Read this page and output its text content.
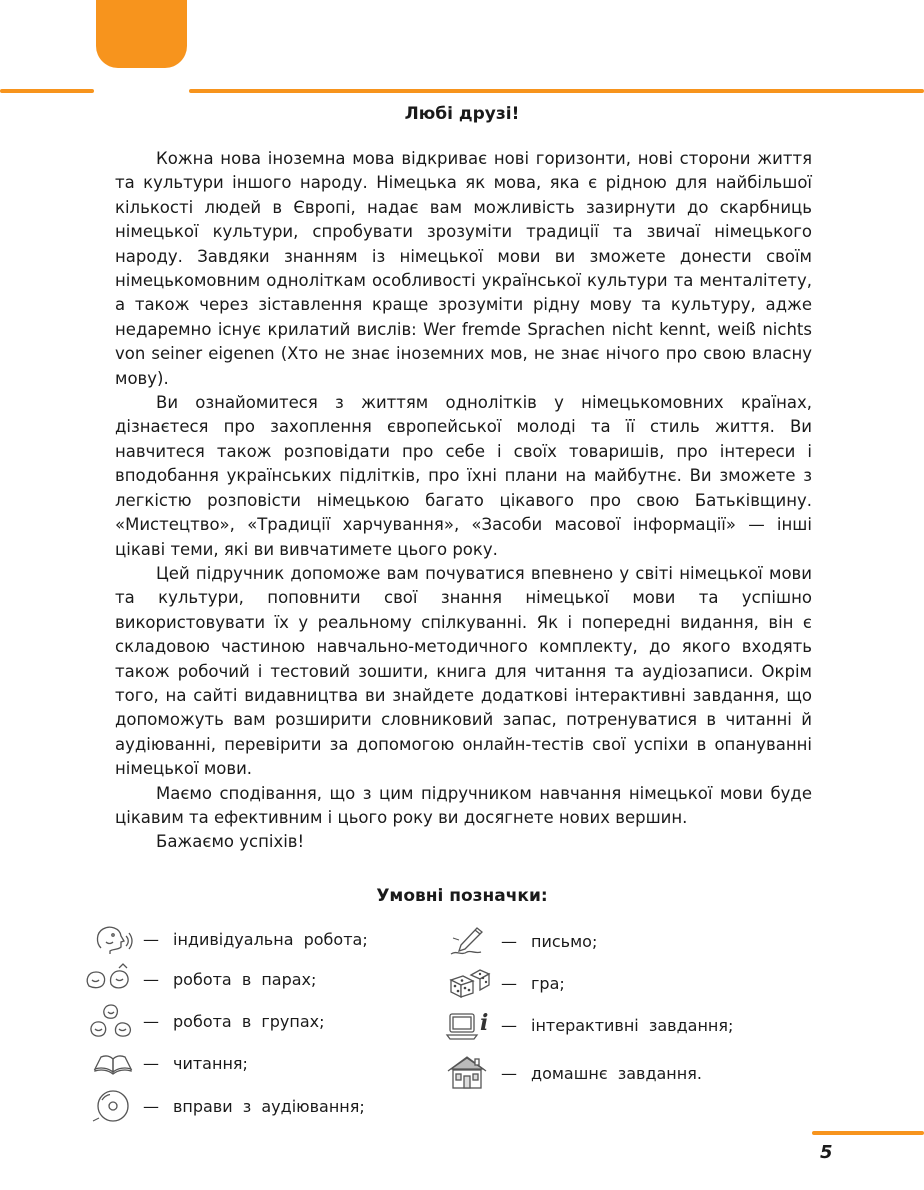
Любі друзі!

Кожна нова іноземна мова відкриває нові горизонти, нові сторони життя та культури іншого народу. Німецька як мова, яка є рідною для найбільшої кількості людей в Європі, надає вам можливість зазирнути до скарбниць німецької культури, спробувати зрозуміти традиції та звичаї німецького народу. Завдяки знанням із німецької мови ви зможете донести своїм німецькомовним одноліткам особливості української культури та менталітету, а також через зіставлення краще зрозуміти рідну мову та культуру, адже недаремно існує крилатий вислів: Wer fremde Sprachen nicht kennt, weiß nichts von seiner eigenen (Хто не знає іноземних мов, не знає нічого про свою власну мову).

Ви ознайомитеся з життям однолітків у німецькомовних країнах, дізнаєтеся про захоплення європейської молоді та її стиль життя. Ви навчитеся також розповідати про себе і своїх товаришів, про інтереси і вподобання українських підлітків, про їхні плани на майбутнє. Ви зможете з легкістю розповісти німецькою багато цікавого про свою Батьківщину. «Мистецтво», «Традиції харчування», «Засоби масової інформації» — інші цікаві теми, які ви вивчатимете цього року.

Цей підручник допоможе вам почуватися впевнено у світі німецької мови та культури, поповнити свої знання німецької мови та успішно використовувати їх у реальному спілкуванні. Як і попередні видання, він є складовою частиною навчально-методичного комплекту, до якого входять також робочий і тестовий зошити, книга для читання та аудіозаписи. Окрім того, на сайті видавництва ви знайдете додаткові інтерактивні завдання, що допоможуть вам розширити словниковий запас, потренуватися в читанні й аудіюванні, перевірити за допомогою онлайн-тестів свої успіхи в опануванні німецької мови.

Маємо сподівання, що з цим підручником навчання німецької мови буде цікавим та ефективним і цього року ви досягнете нових вершин.

Бажаємо успіхів!

Умовні позначки:
— індивідуальна робота;
— робота в парах;
— робота в групах;
— читання;
— вправи з аудіювання;
— письмо;
— гра;
i — інтерактивні завдання;
— домашнє завдання.
5
